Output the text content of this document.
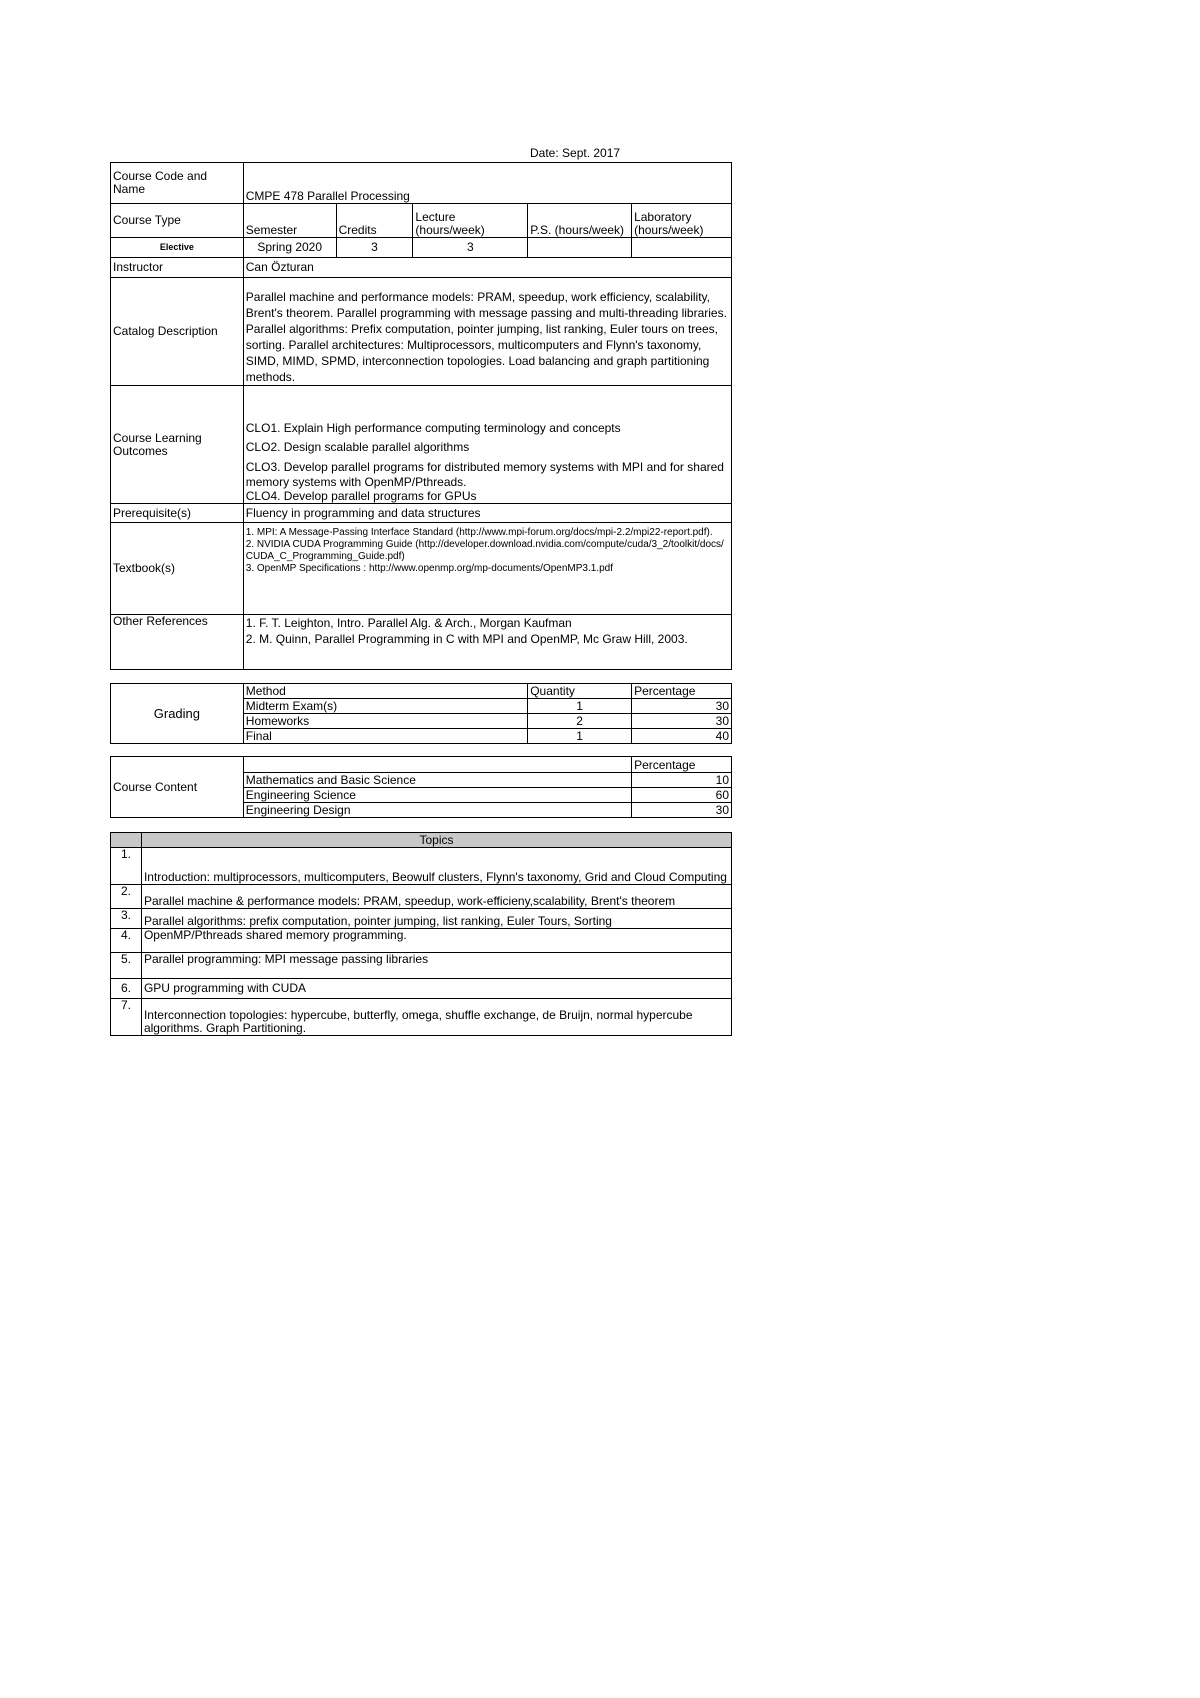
Date: Sept. 2017
Course Code and Name	CMPE 478 Parallel Processing				
Course Type	Semester	Credits	Lecture (hours/week)	P.S. (hours/week)	Laboratory (hours/week)
Elective	Spring 2020	3	3		
Instructor	Can Özturan				
Catalog Description	Parallel machine and performance models: PRAM, speedup, work efficiency, scalability, Brent's theorem. Parallel programming with message passing and multi-threading libraries. Parallel algorithms: Prefix computation, pointer jumping, list ranking, Euler tours on trees, sorting. Parallel architectures: Multiprocessors, multicomputers and Flynn's taxonomy, SIMD, MIMD, SPMD, interconnection topologies. Load balancing and graph partitioning methods.				
Course Learning Outcomes	CLO1. Explain High performance computing terminology and concepts
CLO2. Design scalable parallel algorithms
CLO3. Develop parallel programs for distributed memory systems with MPI and for shared memory systems with OpenMP/Pthreads.
CLO4. Develop parallel programs for GPUs				

Prerequisite(s)	Fluency in programming and data structures				
Textbook(s)	1. MPI: A Message-Passing Interface Standard (http://www.mpi-forum.org/docs/mpi-2.2/mpi22-report.pdf).
2. NVIDIA CUDA Programming Guide (http://developer.download.nvidia.com/compute/cuda/3_2/toolkit/docs/CUDA_C_Programming_Guide.pdf)
3. OpenMP Specifications : http://www.openmp.org/mp-documents/OpenMP3.1.pdf				

Other References	1. F. T. Leighton, Intro. Parallel Alg. & Arch., Morgan Kaufman
2. M. Quinn, Parallel Programming in C with MPI and OpenMP, Mc Graw Hill, 2003.				
Grading	Method	Quantity	Percentage
	Midterm Exam(s)	1	30
	Homeworks	2	30
	Final	1	40
Course Content		Percentage
	Mathematics and Basic Science	10
	Engineering Science	60
	Engineering Design	30
	Topics
1.	Introduction: multiprocessors, multicomputers, Beowulf clusters, Flynn's taxonomy, Grid and Cloud Computing
2.	Parallel machine & performance models: PRAM, speedup, work-efficieny,scalability, Brent's theorem
3.	Parallel algorithms: prefix computation, pointer jumping, list ranking, Euler Tours, Sorting
4.	OpenMP/Pthreads shared memory programming.
5.	Parallel programming: MPI message passing libraries
6.	GPU programming with CUDA
7.	Interconnection topologies: hypercube, butterfly, omega, shuffle exchange, de Bruijn, normal hypercube algorithms. Graph Partitioning.
